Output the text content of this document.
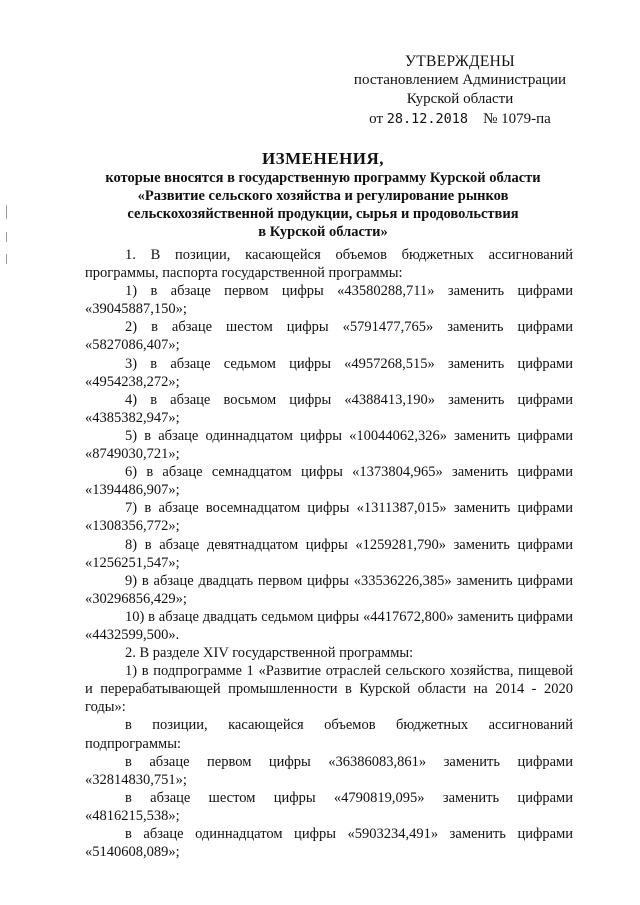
УТВЕРЖДЕНЫ
постановлением Администрации
Курской области
от 28.12.2018 № 1079-па
ИЗМЕНЕНИЯ,
которые вносятся в государственную программу Курской области
«Развитие сельского хозяйства и регулирование рынков
сельскохозяйственной продукции, сырья и продовольствия
в Курской области»

1. В позиции, касающейся объемов бюджетных ассигнований программы, паспорта государственной программы:

1) в абзаце первом цифры «43580288,711» заменить цифрами «39045887,150»;

2) в абзаце шестом цифры «5791477,765» заменить цифрами «5827086,407»;

3) в абзаце седьмом цифры «4957268,515» заменить цифрами «4954238,272»;

4) в абзаце восьмом цифры «4388413,190» заменить цифрами «4385382,947»;

5) в абзаце одиннадцатом цифры «10044062,326» заменить цифрами «8749030,721»;

6) в абзаце семнадцатом цифры «1373804,965» заменить цифрами «1394486,907»;

7) в абзаце восемнадцатом цифры «1311387,015» заменить цифрами «1308356,772»;

8) в абзаце девятнадцатом цифры «1259281,790» заменить цифрами «1256251,547»;

9) в абзаце двадцать первом цифры «33536226,385» заменить цифрами «30296856,429»;

10) в абзаце двадцать седьмом цифры «4417672,800» заменить цифрами «4432599,500».

2. В разделе XIV государственной программы:

1) в подпрограмме 1 «Развитие отраслей сельского хозяйства, пищевой и перерабатывающей промышленности в Курской области на 2014 - 2020 годы»:

в позиции, касающейся объемов бюджетных ассигнований подпрограммы:

в абзаце первом цифры «36386083,861» заменить цифрами «32814830,751»;

в абзаце шестом цифры «4790819,095» заменить цифрами «4816215,538»;

в абзаце одиннадцатом цифры «5903234,491» заменить цифрами «5140608,089»;
